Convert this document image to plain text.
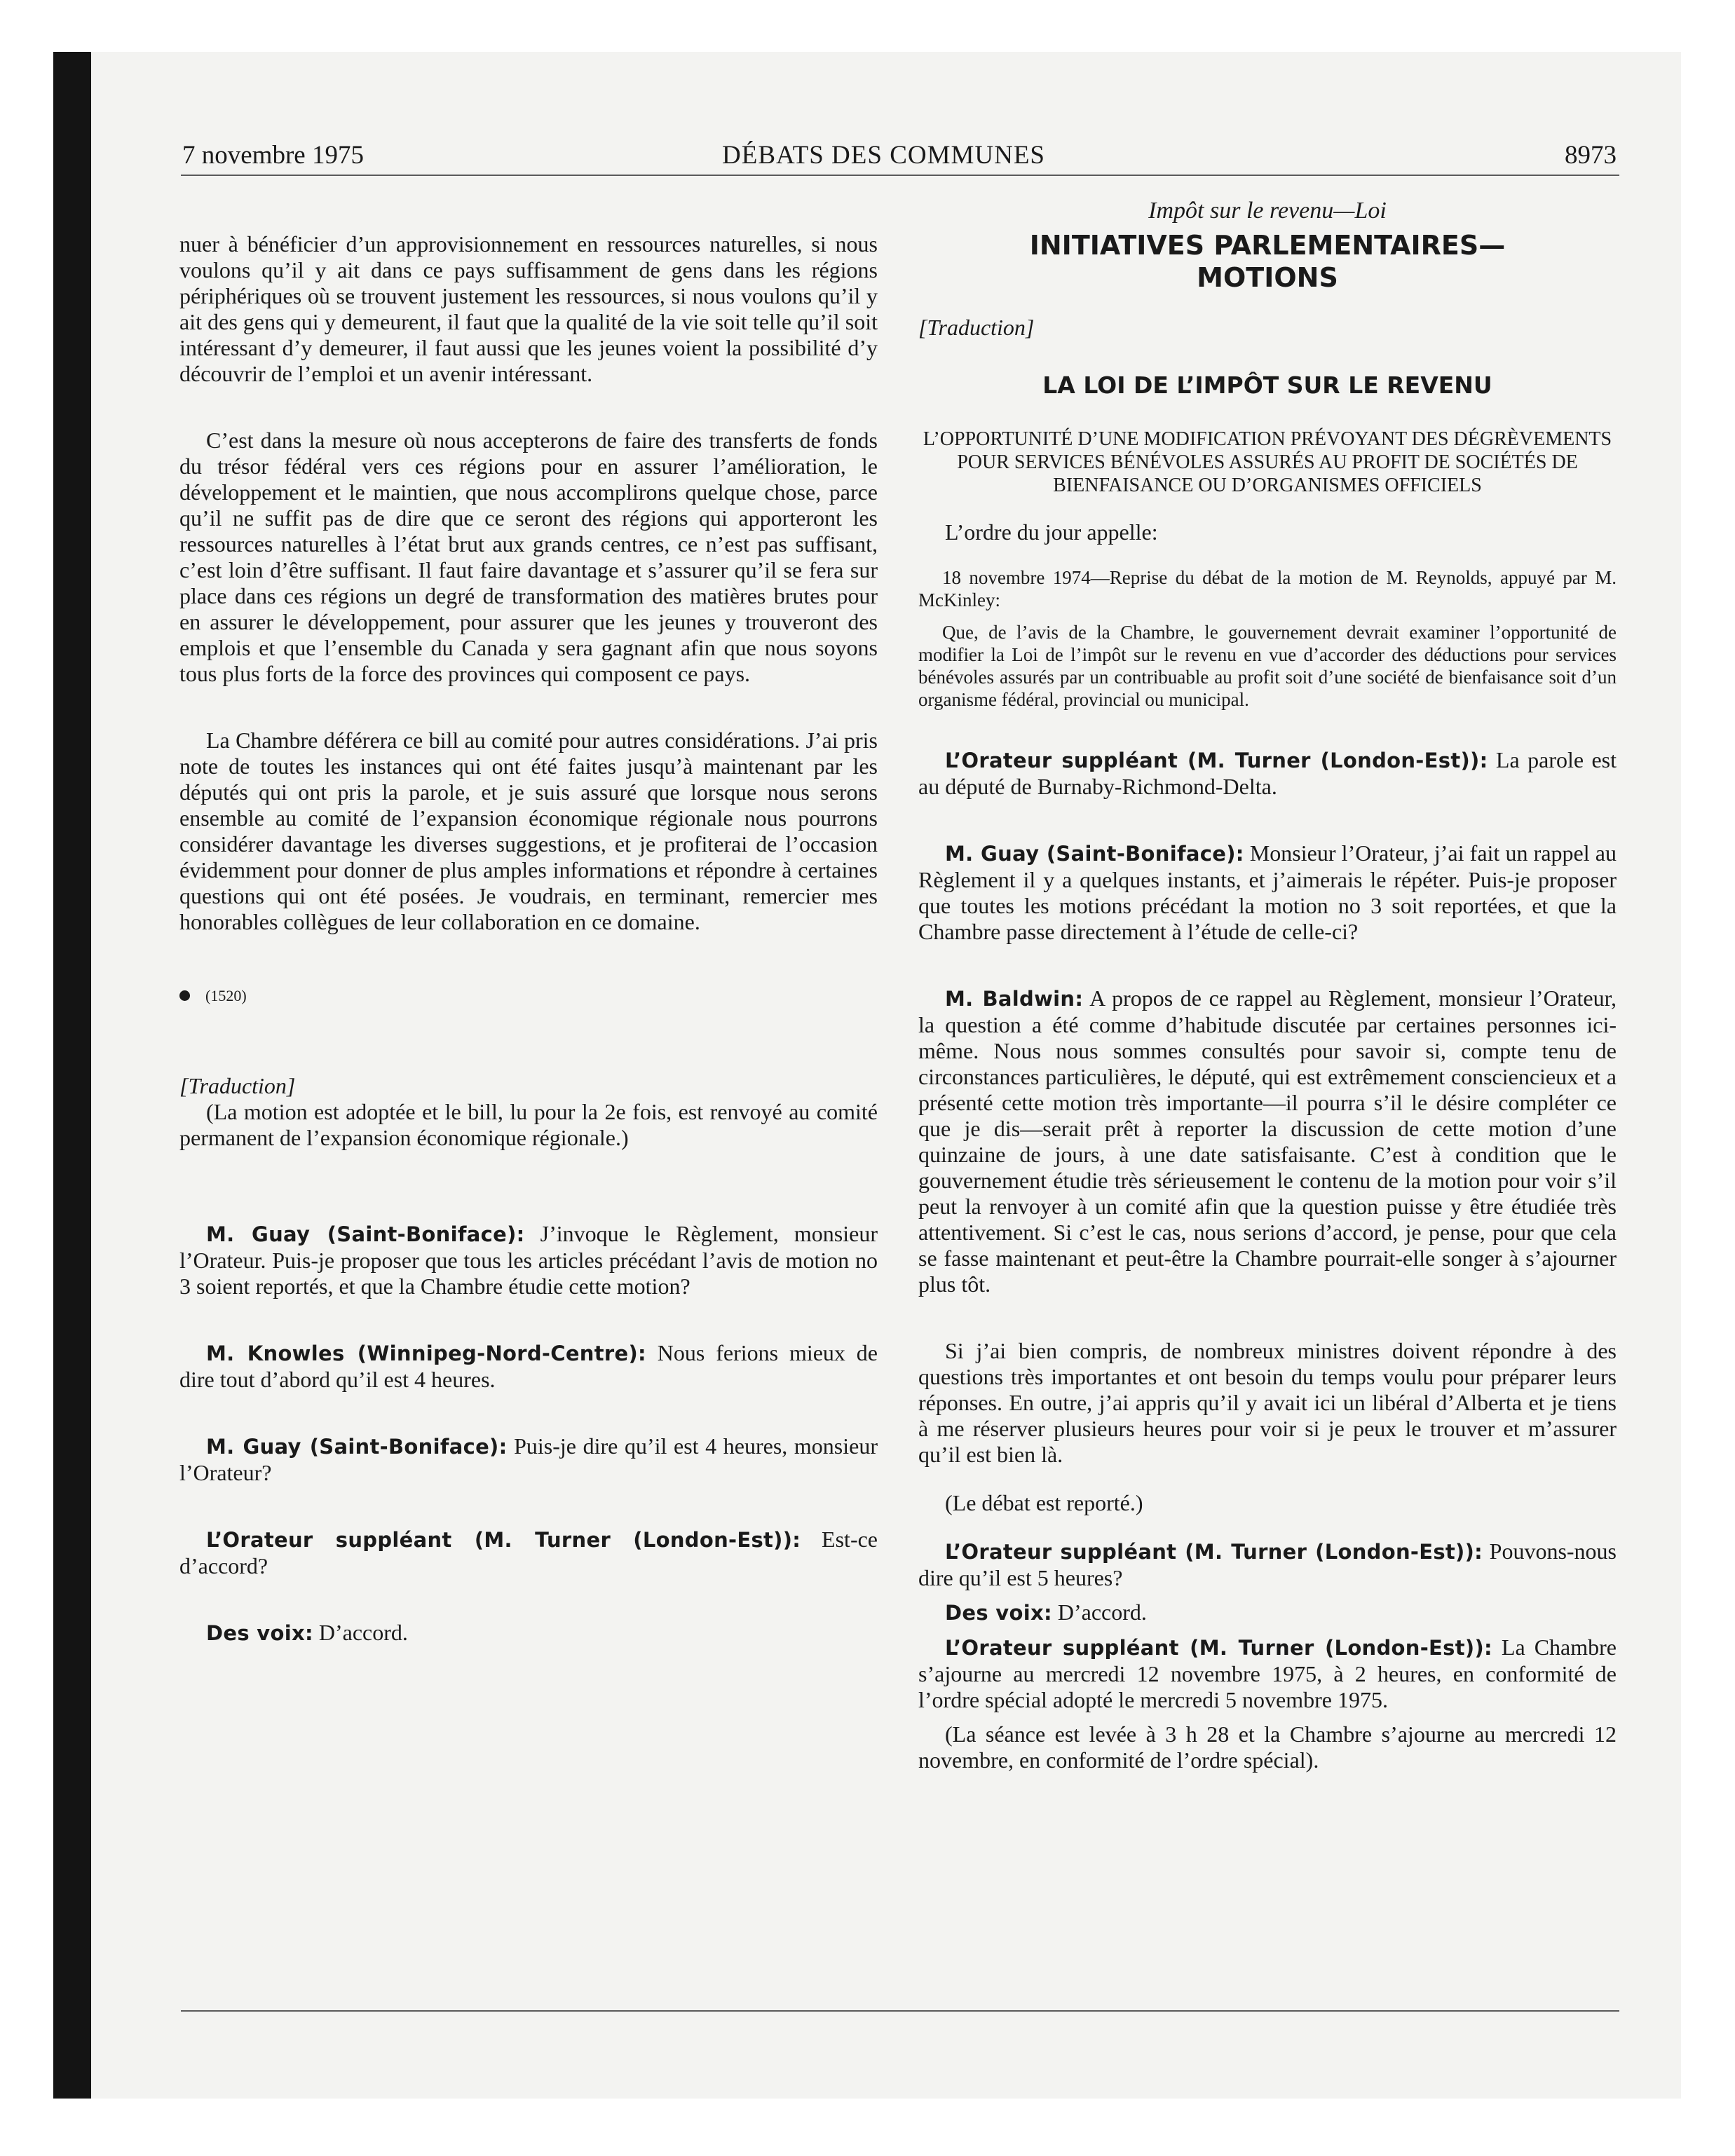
7 novembre 1975	DÉBATS DES COMMUNES	8973

nuer à bénéficier d’un approvisionnement en ressources naturelles, si nous voulons qu’il y ait dans ce pays suffisamment de gens dans les régions périphériques où se trouvent justement les ressources, si nous voulons qu’il y ait des gens qui y demeurent, il faut que la qualité de la vie soit telle qu’il soit intéressant d’y demeurer, il faut aussi que les jeunes voient la possibilité d’y découvrir de l’emploi et un avenir intéressant.

C’est dans la mesure où nous accepterons de faire des transferts de fonds du trésor fédéral vers ces régions pour en assurer l’amélioration, le développement et le maintien, que nous accomplirons quelque chose, parce qu’il ne suffit pas de dire que ce seront des régions qui apporteront les ressources naturelles à l’état brut aux grands centres, ce n’est pas suffisant, c’est loin d’être suffisant. Il faut faire davantage et s’assurer qu’il se fera sur place dans ces régions un degré de transformation des matières brutes pour en assurer le développement, pour assurer que les jeunes y trouveront des emplois et que l’ensemble du Canada y sera gagnant afin que nous soyons tous plus forts de la force des provinces qui composent ce pays.

La Chambre déférera ce bill au comité pour autres considérations. J’ai pris note de toutes les instances qui ont été faites jusqu’à maintenant par les députés qui ont pris la parole, et je suis assuré que lorsque nous serons ensemble au comité de l’expansion économique régionale nous pourrons considérer davantage les diverses suggestions, et je profiterai de l’occasion évidemment pour donner de plus amples informations et répondre à certaines questions qui ont été posées. Je voudrais, en terminant, remercier mes honorables collègues de leur collaboration en ce domaine.

(1520)

[Traduction]

(La motion est adoptée et le bill, lu pour la 2e fois, est renvoyé au comité permanent de l’expansion économique régionale.)

M. Guay (Saint-Boniface): J’invoque le Règlement, monsieur l’Orateur. Puis-je proposer que tous les articles précédant l’avis de motion no 3 soient reportés, et que la Chambre étudie cette motion?

M. Knowles (Winnipeg-Nord-Centre): Nous ferions mieux de dire tout d’abord qu’il est 4 heures.

M. Guay (Saint-Boniface): Puis-je dire qu’il est 4 heures, monsieur l’Orateur?

L’Orateur suppléant (M. Turner (London-Est)): Est-ce d’accord?

Des voix: D’accord.

Impôt sur le revenu—Loi

INITIATIVES PARLEMENTAIRES—
MOTIONS

[Traduction]

LA LOI DE L’IMPÔT SUR LE REVENU

L’OPPORTUNITÉ D’UNE MODIFICATION PRÉVOYANT DES DÉGRÈVEMENTS POUR SERVICES BÉNÉVOLES ASSURÉS AU PROFIT DE SOCIÉTÉS DE BIENFAISANCE OU D’ORGANISMES OFFICIELS

L’ordre du jour appelle:

18 novembre 1974—Reprise du débat de la motion de M. Reynolds, appuyé par M. McKinley:

Que, de l’avis de la Chambre, le gouvernement devrait examiner l’opportunité de modifier la Loi de l’impôt sur le revenu en vue d’accorder des déductions pour services bénévoles assurés par un contribuable au profit soit d’une société de bienfaisance soit d’un organisme fédéral, provincial ou municipal.

L’Orateur suppléant (M. Turner (London-Est)): La parole est au député de Burnaby-Richmond-Delta.

M. Guay (Saint-Boniface): Monsieur l’Orateur, j’ai fait un rappel au Règlement il y a quelques instants, et j’aimerais le répéter. Puis-je proposer que toutes les motions précédant la motion no 3 soit reportées, et que la Chambre passe directement à l’étude de celle-ci?

M. Baldwin: A propos de ce rappel au Règlement, monsieur l’Orateur, la question a été comme d’habitude discutée par certaines personnes ici-même. Nous nous sommes consultés pour savoir si, compte tenu de circonstances particulières, le député, qui est extrêmement consciencieux et a présenté cette motion très importante—il pourra s’il le désire compléter ce que je dis—serait prêt à reporter la discussion de cette motion d’une quinzaine de jours, à une date satisfaisante. C’est à condition que le gouvernement étudie très sérieusement le contenu de la motion pour voir s’il peut la renvoyer à un comité afin que la question puisse y être étudiée très attentivement. Si c’est le cas, nous serions d’accord, je pense, pour que cela se fasse maintenant et peut-être la Chambre pourrait-elle songer à s’ajourner plus tôt.

Si j’ai bien compris, de nombreux ministres doivent répondre à des questions très importantes et ont besoin du temps voulu pour préparer leurs réponses. En outre, j’ai appris qu’il y avait ici un libéral d’Alberta et je tiens à me réserver plusieurs heures pour voir si je peux le trouver et m’assurer qu’il est bien là.

(Le débat est reporté.)

L’Orateur suppléant (M. Turner (London-Est)): Pouvons-nous dire qu’il est 5 heures?

Des voix: D’accord.

L’Orateur suppléant (M. Turner (London-Est)): La Chambre s’ajourne au mercredi 12 novembre 1975, à 2 heures, en conformité de l’ordre spécial adopté le mercredi 5 novembre 1975.

(La séance est levée à 3 h 28 et la Chambre s’ajourne au mercredi 12 novembre, en conformité de l’ordre spécial).
